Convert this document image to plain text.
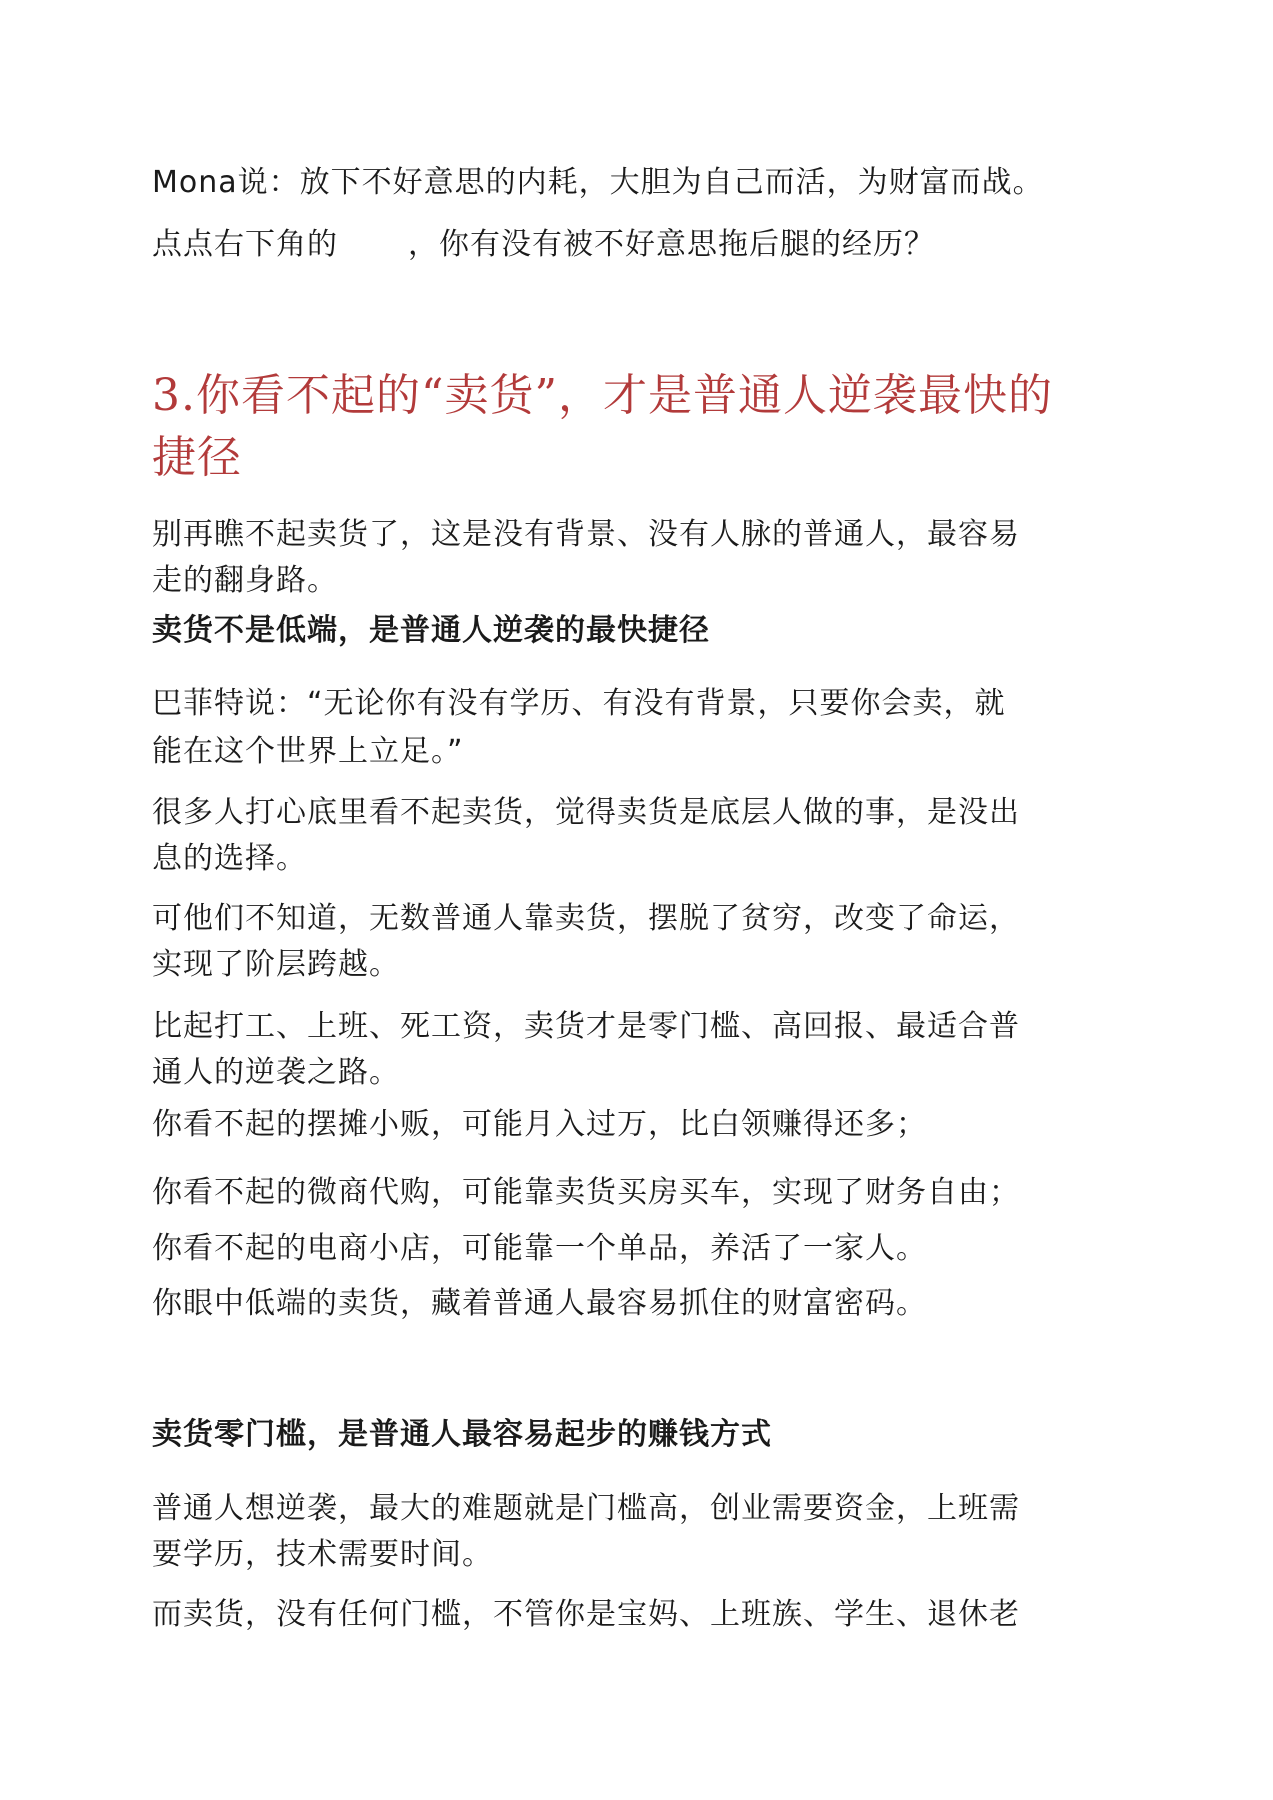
Mona说：放下不好意思的内耗，大胆为自己而活，为财富而战。
点点右下角的 ，你有没有被不好意思拖后腿的经历？
3.你看不起的“卖货”，才是普通人逆袭最快的
捷径
别再瞧不起卖货了，这是没有背景、没有人脉的普通人，最容易
走的翻身路。
卖货不是低端，是普通人逆袭的最快捷径
巴菲特说：“无论你有没有学历、有没有背景，只要你会卖，就
能在这个世界上立足。”
很多人打心底里看不起卖货，觉得卖货是底层人做的事，是没出
息的选择。
可他们不知道，无数普通人靠卖货，摆脱了贫穷，改变了命运，
实现了阶层跨越。
比起打工、上班、死工资，卖货才是零门槛、高回报、最适合普
通人的逆袭之路。
你看不起的摆摊小贩，可能月入过万，比白领赚得还多；
你看不起的微商代购，可能靠卖货买房买车，实现了财务自由；
你看不起的电商小店，可能靠一个单品，养活了一家人。
你眼中低端的卖货，藏着普通人最容易抓住的财富密码。
卖货零门槛，是普通人最容易起步的赚钱方式
普通人想逆袭，最大的难题就是门槛高，创业需要资金，上班需
要学历，技术需要时间。
而卖货，没有任何门槛，不管你是宝妈、上班族、学生、退休老
